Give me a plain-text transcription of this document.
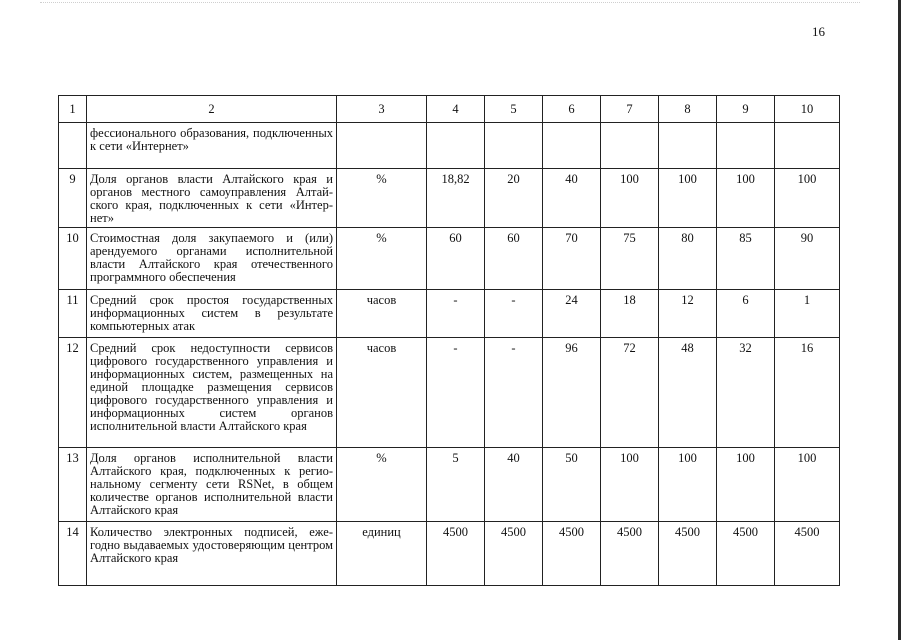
16
1	2	3	4	5	6	7	8	9	10
	фессионального образования, подключенных к сети «Интернет»								
9	Доля органов власти Алтайского края и органов местного самоуправления Алтайского края, подключенных к сети «Интернет»	%	18,82	20	40	100	100	100	100
10	Стоимостная доля закупаемого и (или) арендуемого органами исполнительной власти Алтайского края отечественного программного обеспечения	%	60	60	70	75	80	85	90
11	Средний срок простоя государственных информационных систем в результате компьютерных атак	часов	-	-	24	18	12	6	1
12	Средний срок недоступности сервисов цифрового государственного управления и информационных систем, размещенных на единой площадке размещения сервисов цифрового государственного управления и информационных систем органов исполнительной власти Алтайского края	часов	-	-	96	72	48	32	16
13	Доля органов исполнительной власти Алтайского края, подключенных к региональному сегменту сети RSNet, в общем количестве органов исполнительной власти Алтайского края	%	5	40	50	100	100	100	100
14	Количество электронных подписей, ежегодно выдаваемых удостоверяющим центром Алтайского края	единиц	4500	4500	4500	4500	4500	4500	4500
